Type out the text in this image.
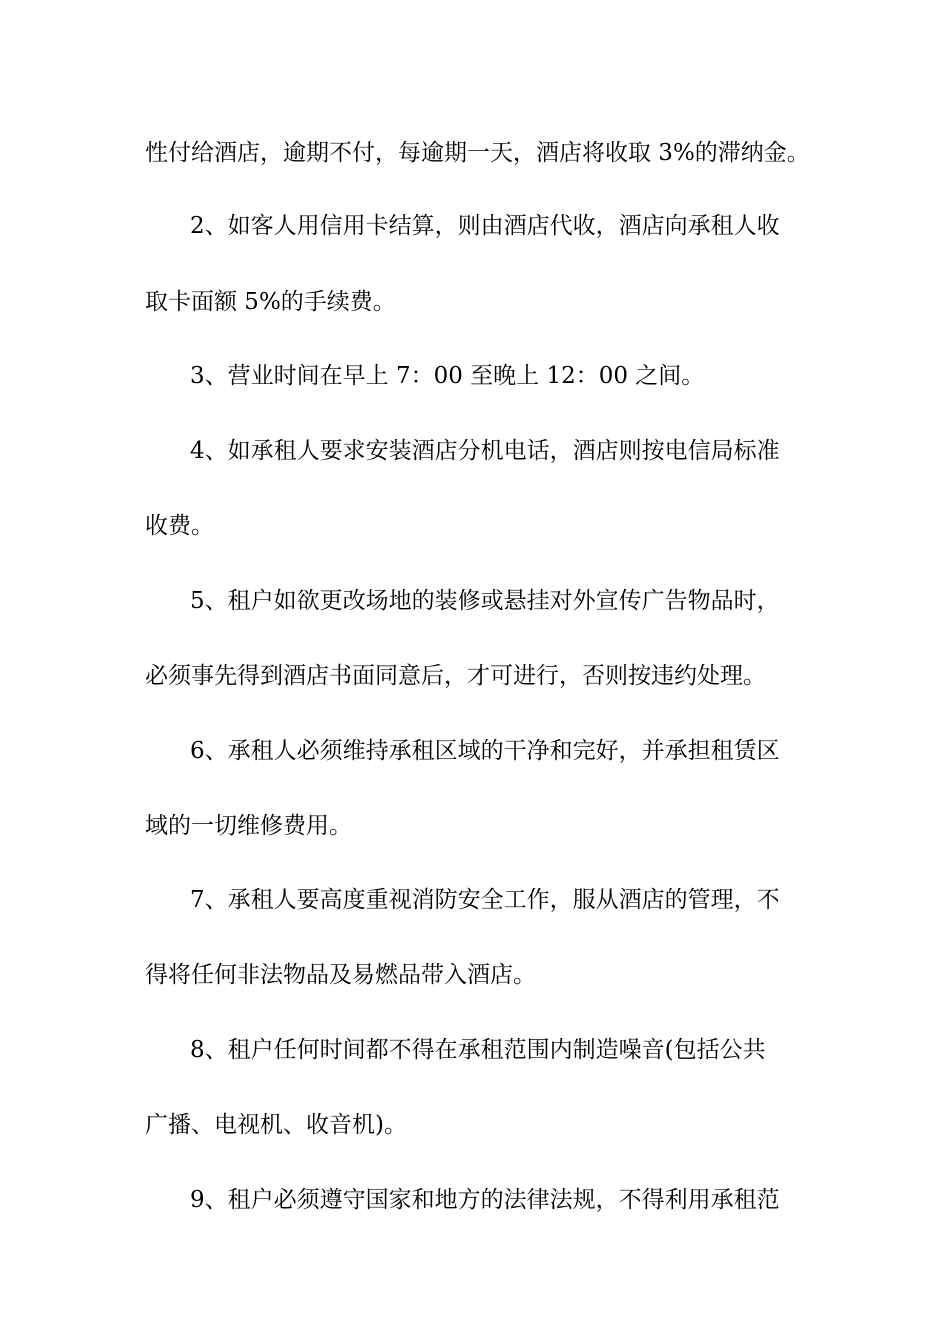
性付给酒店，逾期不付，每逾期一天，酒店将收取 3%的滞纳金。
2、如客人用信用卡结算，则由酒店代收，酒店向承租人收
取卡面额 5%的手续费。
3、营业时间在早上 7：00 至晚上 12：00 之间。
4、如承租人要求安装酒店分机电话，酒店则按电信局标准
收费。
5、租户如欲更改场地的装修或悬挂对外宣传广告物品时，
必须事先得到酒店书面同意后，才可进行，否则按违约处理。
6、承租人必须维持承租区域的干净和完好，并承担租赁区
域的一切维修费用。
7、承租人要高度重视消防安全工作，服从酒店的管理，不
得将任何非法物品及易燃品带入酒店。
8、租户任何时间都不得在承租范围内制造噪音(包括公共
广播、电视机、收音机)。
9、租户必须遵守国家和地方的法律法规，不得利用承租范
